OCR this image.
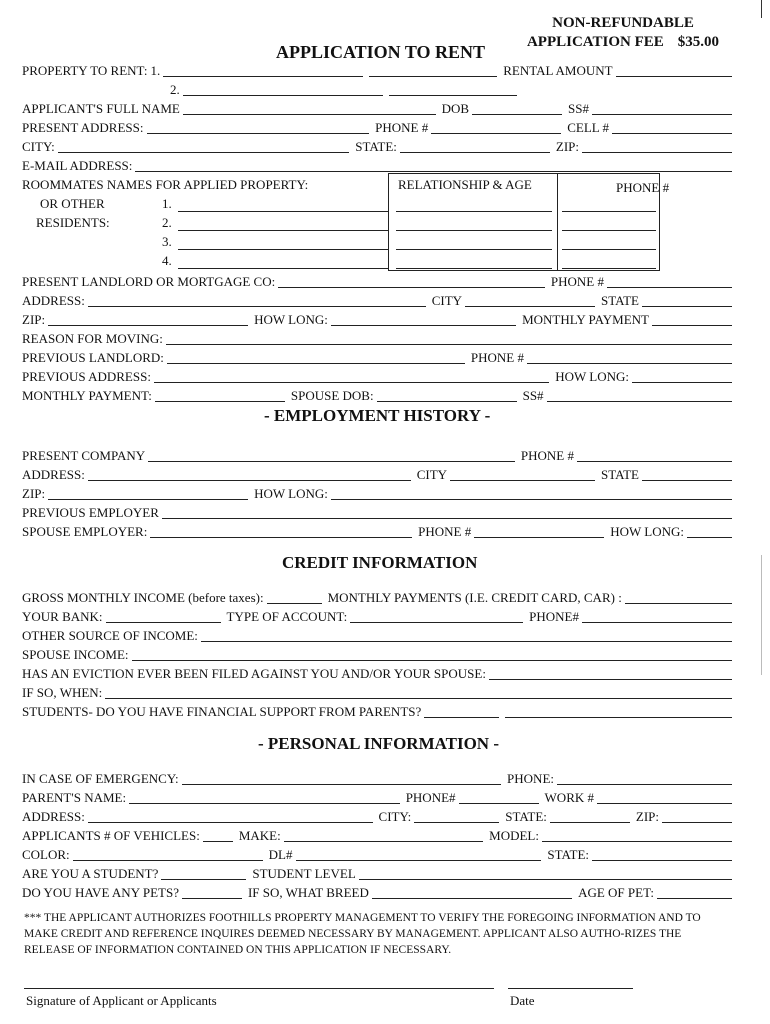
NON-REFUNDABLE
APPLICATION FEE $35.00
APPLICATION TO RENT
PROPERTY TO RENT: 1.	RENTAL AMOUNT
2.
APPLICANT'S FULL NAME	DOB	SS#
PRESENT ADDRESS:	PHONE #	CELL #
CITY:	STATE:	ZIP:
E-MAIL ADDRESS:
ROOMMATES NAMES FOR APPLIED PROPERTY:
OR OTHER
RESIDENTS:
RELATIONSHIP & AGE	PHONE #
1.
2.
3.
4.
PRESENT LANDLORD OR MORTGAGE CO:	PHONE #
ADDRESS:	CITY	STATE
ZIP:	HOW LONG:	MONTHLY PAYMENT
REASON FOR MOVING:
PREVIOUS LANDLORD:	PHONE #
PREVIOUS ADDRESS:	HOW LONG:
MONTHLY PAYMENT:	SPOUSE DOB:	SS#
- EMPLOYMENT HISTORY -
PRESENT COMPANY	PHONE #
ADDRESS:	CITY	STATE
ZIP:	HOW LONG:
PREVIOUS EMPLOYER
SPOUSE EMPLOYER:	PHONE #	HOW LONG:
CREDIT INFORMATION
GROSS MONTHLY INCOME (before taxes):	MONTHLY PAYMENTS (I.E. CREDIT CARD, CAR) :
YOUR BANK:	TYPE OF ACCOUNT:	PHONE#
OTHER SOURCE OF INCOME:
SPOUSE INCOME:
HAS AN EVICTION EVER BEEN FILED AGAINST YOU AND/OR YOUR SPOUSE:
IF SO, WHEN:
STUDENTS- DO YOU HAVE FINANCIAL SUPPORT FROM PARENTS?
- PERSONAL INFORMATION -
IN CASE OF EMERGENCY:	PHONE:
PARENT'S NAME:	PHONE#	WORK #
ADDRESS:	CITY:	STATE:	ZIP:
APPLICANTS # OF VEHICLES:	MAKE:	MODEL:
COLOR:	DL#	STATE:
ARE YOU A STUDENT?	STUDENT LEVEL
DO YOU HAVE ANY PETS?	IF SO, WHAT BREED	AGE OF PET:
*** THE APPLICANT AUTHORIZES FOOTHILLS PROPERTY MANAGEMENT TO VERIFY THE FOREGOING INFORMATION AND TO MAKE CREDIT AND REFERENCE INQUIRES DEEMED NECESSARY BY MANAGEMENT. APPLICANT ALSO AUTHO-RIZES THE RELEASE OF INFORMATION CONTAINED ON THIS APPLICATION IF NECESSARY.
Signature of Applicant or Applicants	Date
